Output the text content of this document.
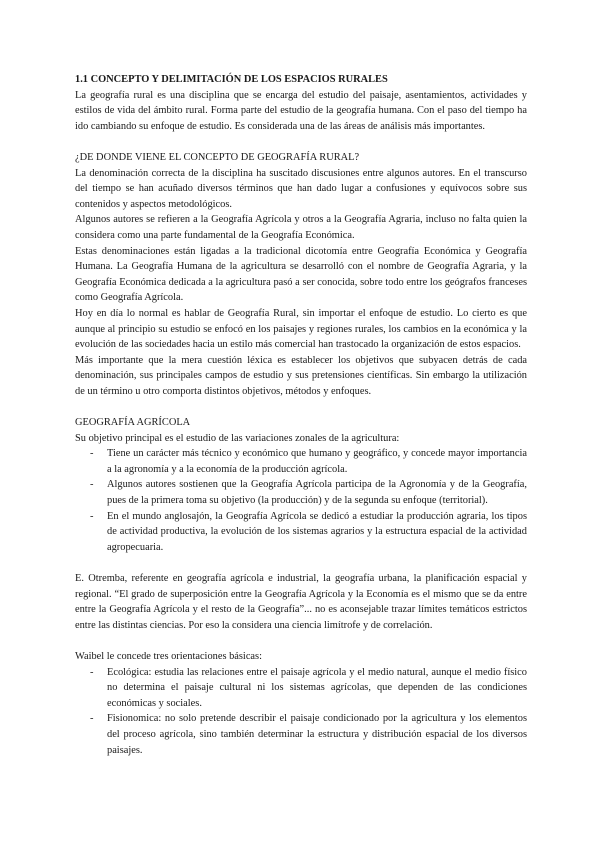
1.1 CONCEPTO Y DELIMITACIÓN DE LOS ESPACIOS RURALES

La geografía rural es una disciplina que se encarga del estudio del paisaje, asentamientos, actividades y estilos de vida del ámbito rural. Forma parte del estudio de la geografía humana. Con el paso del tiempo ha ido cambiando su enfoque de estudio. Es considerada una de las áreas de análisis más importantes.

¿DE DONDE VIENE EL CONCEPTO DE GEOGRAFÍA RURAL?

La denominación correcta de la disciplina ha suscitado discusiones entre algunos autores. En el transcurso del tiempo se han acuñado diversos términos que han dado lugar a confusiones y equívocos sobre sus contenidos y aspectos metodológicos.

Algunos autores se refieren a la Geografía Agrícola y otros a la Geografía Agraria, incluso no falta quien la considera como una parte fundamental de la Geografía Económica.

Estas denominaciones están ligadas a la tradicional dicotomía entre Geografía Económica y Geografía Humana. La Geografía Humana de la agricultura se desarrolló con el nombre de Geografía Agraria, y la Geografía Económica dedicada a la agricultura pasó a ser conocida, sobre todo entre los geógrafos franceses como Geografía Agrícola.

Hoy en día lo normal es hablar de Geografía Rural, sin importar el enfoque de estudio. Lo cierto es que aunque al principio su estudio se enfocó en los paisajes y regiones rurales, los cambios en la económica y la evolución de las sociedades hacia un estilo más comercial han trastocado la organización de estos espacios.

Más importante que la mera cuestión léxica es establecer los objetivos que subyacen detrás de cada denominación, sus principales campos de estudio y sus pretensiones científicas. Sin embargo la utilización de un término u otro comporta distintos objetivos, métodos y enfoques.

GEOGRAFÍA AGRÍCOLA

Su objetivo principal es el estudio de las variaciones zonales de la agricultura:

- Tiene un carácter más técnico y económico que humano y geográfico, y concede mayor importancia a la agronomía y a la economía de la producción agrícola.
- Algunos autores sostienen que la Geografía Agrícola participa de la Agronomía y de la Geografía, pues de la primera toma su objetivo (la producción) y de la segunda su enfoque (territorial).
- En el mundo anglosajón, la Geografía Agrícola se dedicó a estudiar la producción agraria, los tipos de actividad productiva, la evolución de los sistemas agrarios y la estructura espacial de la actividad agropecuaria.

E. Otremba, referente en geografía agrícola e industrial, la geografía urbana, la planificación espacial y regional. “El grado de superposición entre la Geografía Agrícola y la Economía es el mismo que se da entre entre la Geografía Agrícola y el resto de la Geografía”... no es aconsejable trazar límites temáticos estrictos entre las distintas ciencias. Por eso la considera una ciencia limítrofe y de correlación.

Waibel le concede tres orientaciones básicas:

- Ecológica: estudia las relaciones entre el paisaje agrícola y el medio natural, aunque el medio físico no determina el paisaje cultural ni los sistemas agrícolas, que dependen de las condiciones económicas y sociales.
- Fisionomica: no solo pretende describir el paisaje condicionado por la agricultura y los elementos del proceso agrícola, sino también determinar la estructura y distribución espacial de los diversos paisajes.
